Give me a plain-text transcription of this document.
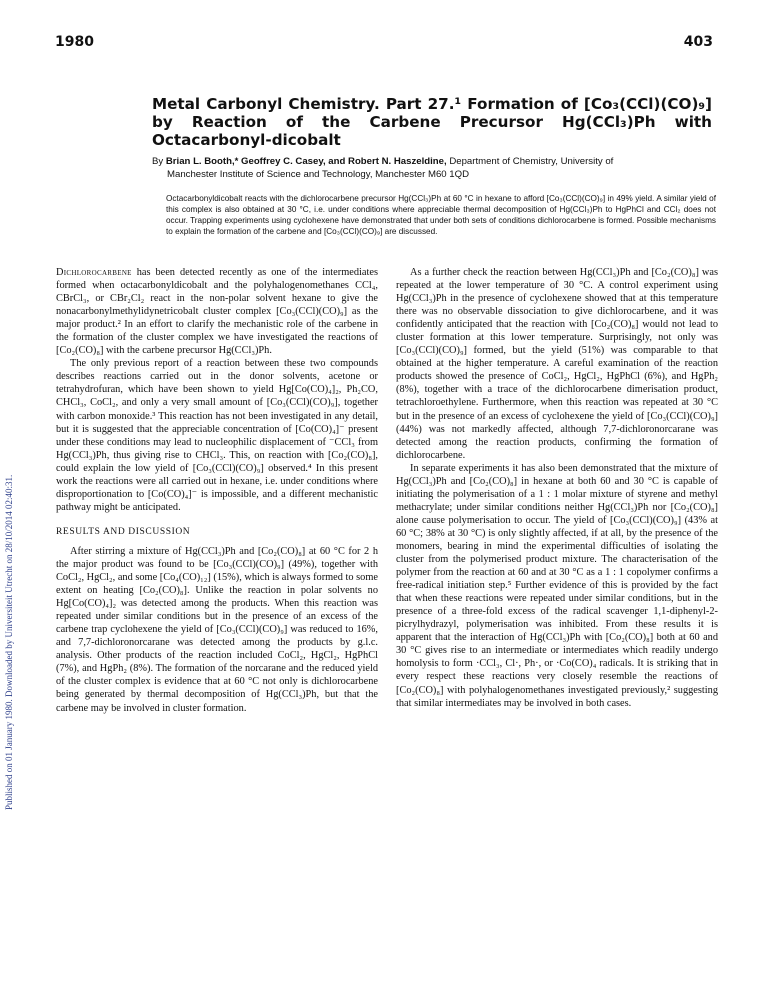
1980	403
Published on 01 January 1980. Downloaded by Universiteit Utrecht on 28/10/2014 02:40:31.
Metal Carbonyl Chemistry. Part 27.¹ Formation of [Co₃(CCl)(CO)₉] by Reaction of the Carbene Precursor Hg(CCl₃)Ph with Octacarbonyl-dicobalt
By Brian L. Booth,* Geoffrey C. Casey, and Robert N. Haszeldine, Department of Chemistry, University of
Manchester Institute of Science and Technology, Manchester M60 1QD
Octacarbonyldicobalt reacts with the dichlorocarbene precursor Hg(CCl₃)Ph at 60 °C in hexane to afford [Co₃(CCl)(CO)₉] in 49% yield. A similar yield of this complex is also obtained at 30 °C, i.e. under conditions where appreciable thermal decomposition of Hg(CCl₃)Ph to HgPhCl and CCl₂ does not occur. Trapping experiments using cyclohexene have demonstrated that under both sets of conditions dichlorocarbene is formed. Possible mechanisms to explain the formation of the carbene and [Co₃(CCl)(CO)₉] are discussed.

Dichlorocarbene has been detected recently as one of the intermediates formed when octacarbonyldicobalt and the polyhalogenomethanes CCl₄, CBrCl₃, or CBr₂Cl₂ react in the non-polar solvent hexane to give the nonacarbonylmethylidynetricobalt cluster complex [Co₃(CCl)(CO)₉] as the major product.² In an effort to clarify the mechanistic role of the carbene in the formation of the cluster complex we have investigated the reactions of [Co₂(CO)₈] with the carbene precursor Hg(CCl₃)Ph.

The only previous report of a reaction between these two compounds describes reactions carried out in the donor solvents, acetone or tetrahydrofuran, which have been shown to yield Hg[Co(CO)₄]₂, Ph₂CO, CHCl₃, CoCl₂, and only a very small amount of [Co₃(CCl)(CO)₉], together with carbon monoxide.³ This reaction has not been investigated in any detail, but it is suggested that the appreciable concentration of [Co(CO)₄]⁻ present under these conditions may lead to nucleophilic displacement of ⁻CCl₃ from Hg(CCl₃)Ph, thus giving rise to CHCl₃. This, on reaction with [Co₂(CO)₈], could explain the low yield of [Co₃(CCl)(CO)₉] observed.⁴ In this present work the reactions were all carried out in hexane, i.e. under conditions where disproportionation to [Co(CO)₄]⁻ is impossible, and a different mechanistic pathway might be anticipated.

RESULTS AND DISCUSSION

After stirring a mixture of Hg(CCl₃)Ph and [Co₂(CO)₈] at 60 °C for 2 h the major product was found to be [Co₃(CCl)(CO)₉] (49%), together with CoCl₂, HgCl₂, and some [Co₄(CO)₁₂] (15%), which is always formed to some extent on heating [Co₂(CO)₈]. Unlike the reaction in polar solvents no Hg[Co(CO)₄]₂ was detected among the products. When this reaction was repeated under similar conditions but in the presence of an excess of the carbene trap cyclohexene the yield of [Co₃(CCl)(CO)₉] was reduced to 16%, and 7,7-dichloronorcarane was detected among the products by g.l.c. analysis. Other products of the reaction included CoCl₂, HgCl₂, HgPhCl (7%), and HgPh₂ (8%). The formation of the norcarane and the reduced yield of the cluster complex is evidence that at 60 °C not only is dichlorocarbene being generated by thermal decomposition of Hg(CCl₃)Ph, but that the carbene may be involved in cluster formation.

As a further check the reaction between Hg(CCl₃)Ph and [Co₂(CO)₈] was repeated at the lower temperature of 30 °C. A control experiment using Hg(CCl₃)Ph in the presence of cyclohexene showed that at this temperature there was no observable dissociation to give dichlorocarbene, and it was confidently anticipated that the reaction with [Co₂(CO)₈] would not lead to cluster formation at this lower temperature. Surprisingly, not only was [Co₃(CCl)(CO)₉] formed, but the yield (51%) was comparable to that obtained at the higher temperature. A careful examination of the reaction products showed the presence of CoCl₂, HgCl₂, HgPhCl (6%), and HgPh₂ (8%), together with a trace of the dichlorocarbene dimerisation product, tetrachloroethylene. Furthermore, when this reaction was repeated at 30 °C but in the presence of an excess of cyclohexene the yield of [Co₃(CCl)(CO)₉] (44%) was not markedly affected, although 7,7-dichloronorcarane was detected among the reaction products, confirming the formation of dichlorocarbene.

In separate experiments it has also been demonstrated that the mixture of Hg(CCl₃)Ph and [Co₂(CO)₈] in hexane at both 60 and 30 °C is capable of initiating the polymerisation of a 1 : 1 molar mixture of styrene and methyl methacrylate; under similar conditions neither Hg(CCl₃)Ph nor [Co₂(CO)₈] alone cause polymerisation to occur. The yield of [Co₃(CCl)(CO)₉] (43% at 60 °C; 38% at 30 °C) is only slightly affected, if at all, by the presence of the monomers, bearing in mind the experimental difficulties of isolating the cluster from the polymerised product mixture. The characterisation of the polymer from the reaction at 60 and at 30 °C as a 1 : 1 copolymer confirms a free-radical initiation step.⁵ Further evidence of this is provided by the fact that when these reactions were repeated under similar conditions, but in the presence of a three-fold excess of the radical scavenger 1,1-diphenyl-2-picrylhydrazyl, polymerisation was inhibited. From these results it is apparent that the interaction of Hg(CCl₃)Ph with [Co₂(CO)₈] both at 60 and 30 °C gives rise to an intermediate or intermediates which readily undergo homolysis to form ·CCl₃, Cl·, Ph·, or ·Co(CO)₄ radicals. It is striking that in every respect these reactions very closely resemble the reactions of [Co₂(CO)₈] with polyhalogenomethanes investigated previously,² suggesting that similar intermediates may be involved in both cases.
